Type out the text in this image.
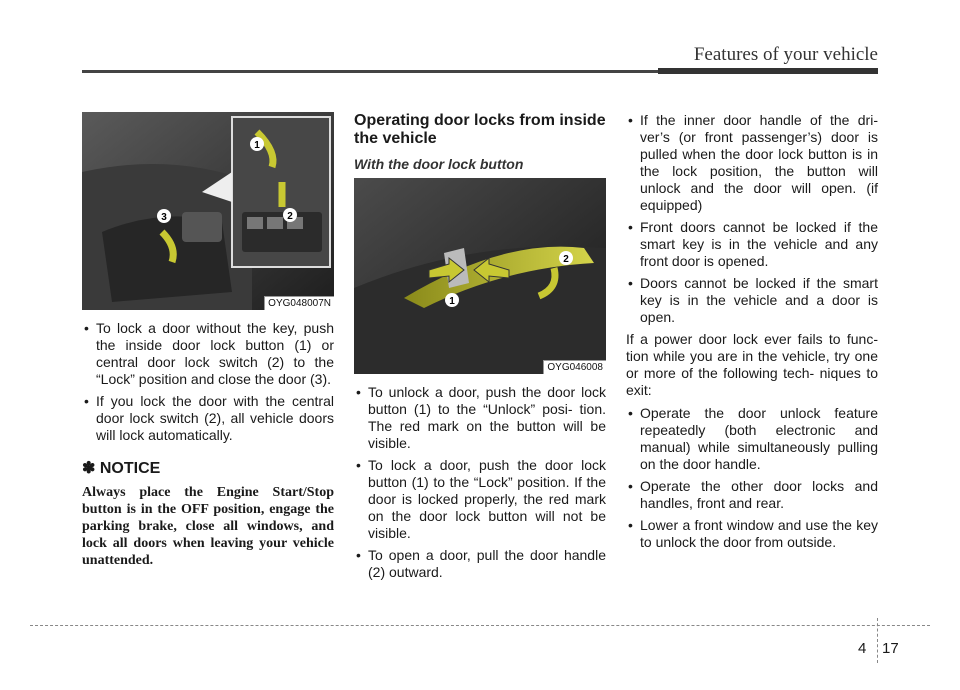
Features of your vehicle
1
2
3
OYG048007N
• To lock a door without the key, push the inside door lock button (1) or central door lock switch (2) to the “Lock” position and close the door (3).
• If you lock the door with the central door lock switch (2), all vehicle doors will lock automatically.
✽ NOTICE
Always place the Engine Start/Stop button is in the OFF position, engage the parking brake, close all windows, and lock all doors when leaving your vehicle unattended.
Operating door locks from inside the vehicle
With the door lock button
1
2
OYG046008
• To unlock a door, push the door lock button (1) to the “Unlock” posi- tion. The red mark on the button will be visible.
• To lock a door, push the door lock button (1) to the “Lock” position. If the door is locked properly, the red mark on the door lock button will not be visible.
• To open a door, pull the door handle (2) outward.
• If the inner door handle of the dri- ver’s (or front passenger’s) door is pulled when the door lock button is in the lock position, the button will unlock and the door will open. (if equipped)
• Front doors cannot be locked if the smart key is in the vehicle and any front door is opened.
• Doors cannot be locked if the smart key is in the vehicle and a door is open.

If a power door lock ever fails to func- tion while you are in the vehicle, try one or more of the following tech- niques to exit:

• Operate the door unlock feature repeatedly (both electronic and manual) while simultaneously pulling on the door handle.
• Operate the other door locks and handles, front and rear.
• Lower a front window and use the key to unlock the door from outside.
4 17
